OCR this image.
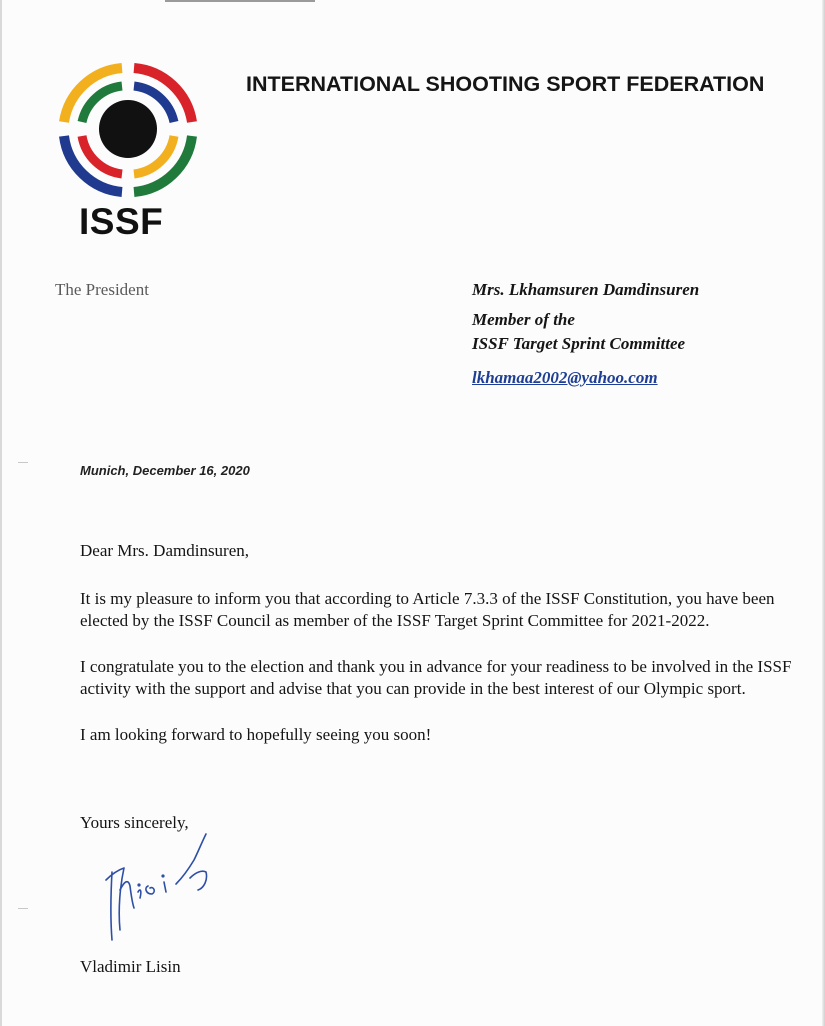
ISSF
INTERNATIONAL SHOOTING SPORT FEDERATION
The President	Mrs. Lkhamsuren Damdinsuren
Member of the
ISSF Target Sprint Committee
lkhamaa2002@yahoo.com
Munich, December 16, 2020

Dear Mrs. Damdinsuren,

It is my pleasure to inform you that according to Article 7.3.3 of the ISSF Constitution, you have been elected by the ISSF Council as member of the ISSF Target Sprint Committee for 2021-2022.

I congratulate you to the election and thank you in advance for your readiness to be involved in the ISSF activity with the support and advise that you can provide in the best interest of our Olympic sport.

I am looking forward to hopefully seeing you soon!

Yours sincerely,
Vladimir Lisin
